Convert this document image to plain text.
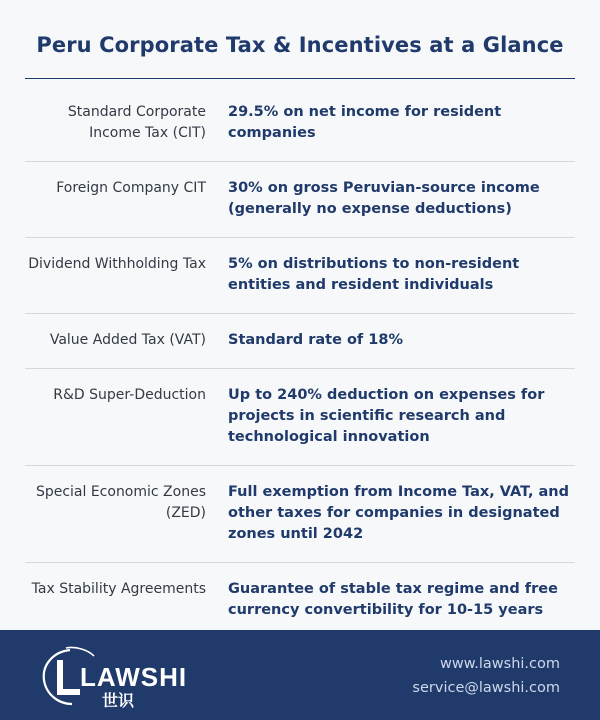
Peru Corporate Tax & Incentives at a Glance
Standard Corporate Income Tax (CIT)
29.5% on net income for resident companies
Foreign Company CIT 30% on gross Peruvian-source income (generally no expense deductions)
Dividend Withholding Tax 5% on distributions to non-resident entities and resident individuals
Value Added Tax (VAT) Standard rate of 18%
R&D Super-Deduction Up to 240% deduction on expenses for projects in scientific research and technological innovation
Special Economic Zones (ZED)
Full exemption from Income Tax, VAT, and other taxes for companies in designated zones until 2042
Tax Stability Agreements Guarantee of stable tax regime and free currency convertibility for 10-15 years
LAWSHI
世识
www.lawshi.com
service@lawshi.com
